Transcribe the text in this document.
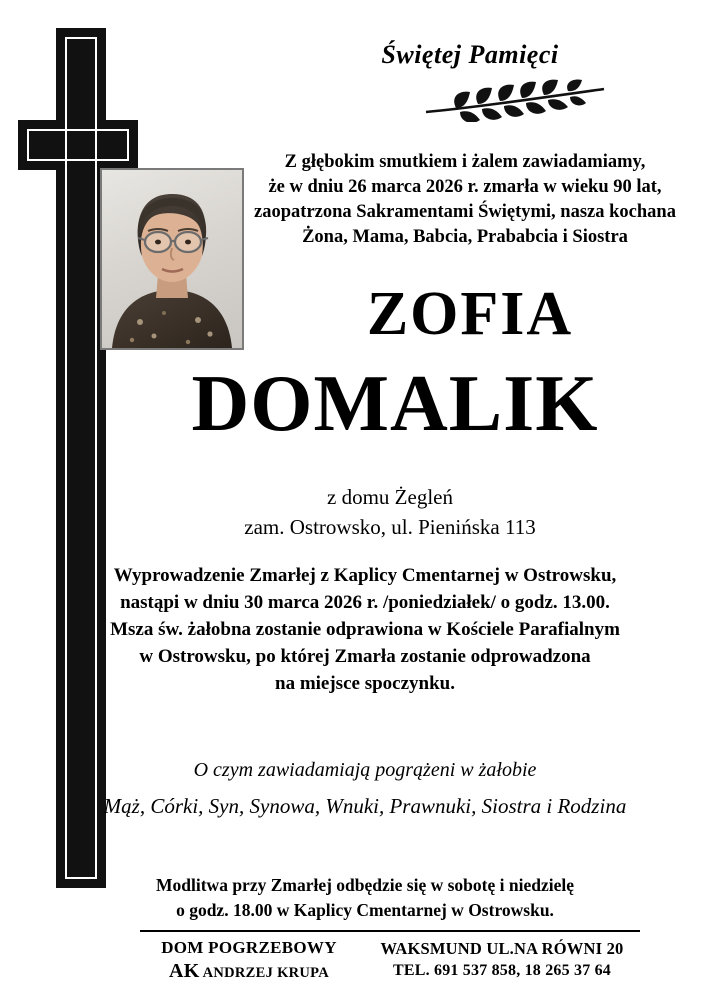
Świętej Pamięci
Z głębokim smutkiem i żalem zawiadamiamy,
że w dniu 26 marca 2026 r. zmarła w wieku 90 lat,
zaopatrzona Sakramentami Świętymi, nasza kochana
Żona, Mama, Babcia, Prababcia i Siostra
ZOFIA
DOMALIK
z domu Żegleń
zam. Ostrowsko, ul. Pienińska 113
Wyprowadzenie Zmarłej z Kaplicy Cmentarnej w Ostrowsku,
nastąpi w dniu 30 marca 2026 r. /poniedziałek/ o godz. 13.00.
Msza św. żałobna zostanie odprawiona w Kościele Parafialnym
w Ostrowsku, po której Zmarła zostanie odprowadzona
na miejsce spoczynku.
O czym zawiadamiają pogrążeni w żałobie
Mąż, Córki, Syn, Synowa, Wnuki, Prawnuki, Siostra i Rodzina
Modlitwa przy Zmarłej odbędzie się w sobotę i niedzielę
o godz. 18.00 w Kaplicy Cmentarnej w Ostrowsku.
DOM POGRZEBOWY
AK ANDRZEJ KRUPA
WAKSMUND UL.NA RÓWNI 20
TEL. 691 537 858, 18 265 37 64
